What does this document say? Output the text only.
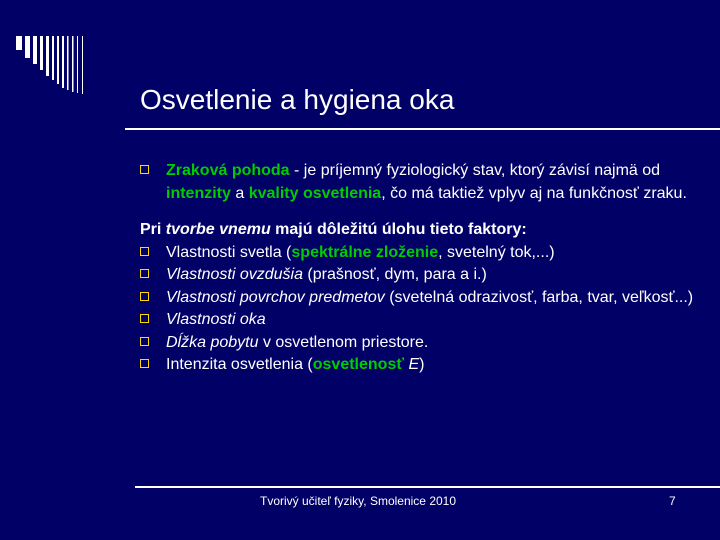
Osvetlenie a hygiena oka
Zraková pohoda - je príjemný fyziologický stav, ktorý závisí najmä od intenzity a kvality osvetlenia, čo má taktiež vplyv aj na funkčnosť zraku.
Pri tvorbe vnemu majú dôležitú úlohu tieto faktory:
Vlastnosti svetla (spektrálne zloženie, svetelný tok,...)
Vlastnosti ovzdušia (prašnosť, dym, para a i.)
Vlastnosti povrchov predmetov (svetelná odrazivosť, farba, tvar, veľkosť...)
Vlastnosti oka
Dĺžka pobytu v osvetlenom priestore.
Intenzita osvetlenia (osvetlenosť E)
Tvorivý učiteľ fyziky, Smolenice 2010	7
